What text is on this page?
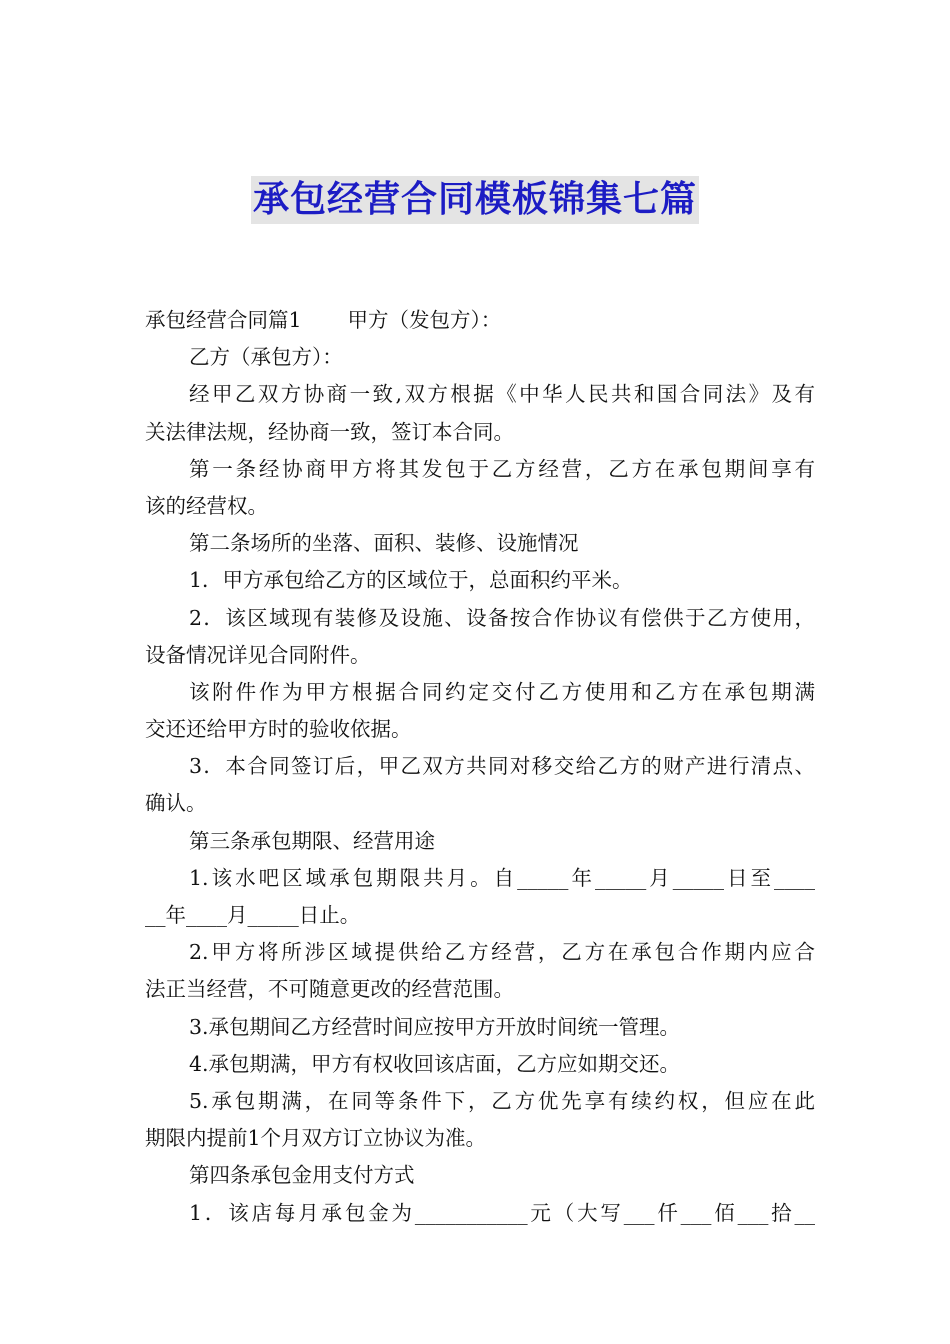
承包经营合同模板锦集七篇
承包经营合同篇1 甲方（发包方）：
乙方（承包方）：
经甲乙双方协商一致,双方根据《中华人民共和国合同法》及有
关法律法规，经协商一致，签订本合同。
第一条经协商甲方将其发包于乙方经营，乙方在承包期间享有
该的经营权。
第二条场所的坐落、面积、装修、设施情况
1．甲方承包给乙方的区域位于，总面积约平米。
2．该区域现有装修及设施、设备按合作协议有偿供于乙方使用，
设备情况详见合同附件。
该附件作为甲方根据合同约定交付乙方使用和乙方在承包期满
交还还给甲方时的验收依据。
3．本合同签订后，甲乙双方共同对移交给乙方的财产进行清点、
确认。
第三条承包期限、经营用途
1.该水吧区域承包期限共月。自_____年_____月_____日至____
__年____月_____日止。
2.甲方将所涉区域提供给乙方经营，乙方在承包合作期内应合
法正当经营，不可随意更改的经营范围。
3.承包期间乙方经营时间应按甲方开放时间统一管理。
4.承包期满，甲方有权收回该店面，乙方应如期交还。
5.承包期满，在同等条件下，乙方优先享有续约权，但应在此
期限内提前1个月双方订立协议为准。
第四条承包金用支付方式
1．该店每月承包金为___________元（大写___仟___佰___拾__
